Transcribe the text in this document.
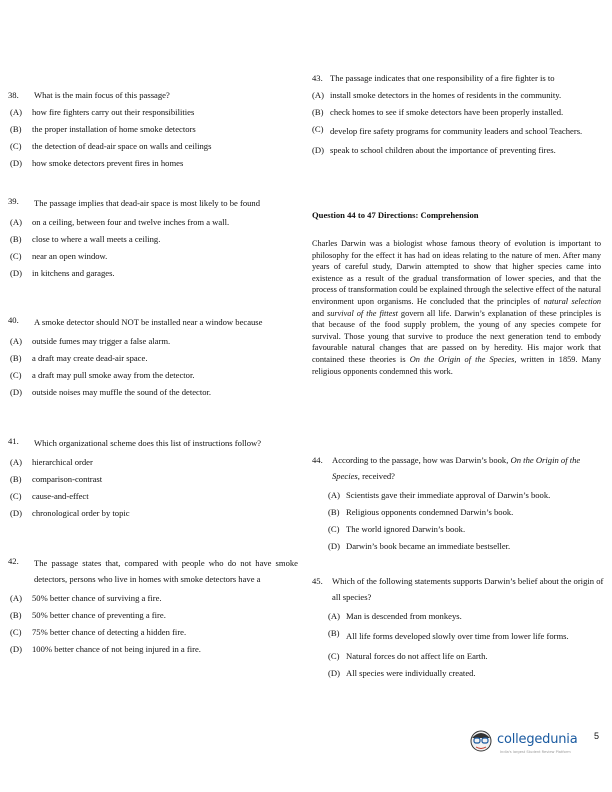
38.	What is the main focus of this passage?
(A)	how fire fighters carry out their responsibilities
(B)	the proper installation of home smoke detectors
(C)	the detection of dead-air space on walls and ceilings
(D)	how smoke detectors prevent fires in homes
39.	The passage implies that dead-air space is most likely to be found
(A)	on a ceiling, between four and twelve inches from a wall.
(B)	close to where a wall meets a ceiling.
(C)	near an open window.
(D)	in kitchens and garages.
40.	A smoke detector should NOT be installed near a window because
(A)	outside fumes may trigger a false alarm.
(B)	a draft may create dead-air space.
(C)	a draft may pull smoke away from the detector.
(D)	outside noises may muffle the sound of the detector.
41.	Which organizational scheme does this list of instructions follow?
(A)	hierarchical order
(B)	comparison-contrast
(C)	cause-and-effect
(D)	chronological order by topic
42.	The passage states that, compared with people who do not have smoke detectors, persons who live in homes with smoke detectors have a
(A)	50% better chance of surviving a fire.
(B)	50% better chance of preventing a fire.
(C)	75% better chance of detecting a hidden fire.
(D)	100% better chance of not being injured in a fire.
43. The passage indicates that one responsibility of a fire fighter is to
(A) install smoke detectors in the homes of residents in the community.
(B) check homes to see if smoke detectors have been properly installed.
(C) develop fire safety programs for community leaders and school Teachers.
(D) speak to school children about the importance of preventing fires.
Question 44 to 47 Directions: Comprehension
Charles Darwin was a biologist whose famous theory of evolution is important to philosophy for the effect it has had on ideas relating to the nature of men. After many years of careful study, Darwin attempted to show that higher species came into existence as a result of the gradual transformation of lower species, and that the process of transformation could be explained through the selective effect of the natural environment upon organisms. He concluded that the principles of natural selection and survival of the fittest govern all life. Darwin’s explanation of these principles is that because of the food supply problem, the young of any species compete for survival. Those young that survive to produce the next generation tend to embody favourable natural changes that are passed on by heredity. His major work that contained these theories is On the Origin of the Species, written in 1859. Many religious opponents condemned this work.
44.	According to the passage, how was Darwin’s book, On the Origin of the Species, received?
(A) Scientists gave their immediate approval of Darwin’s book.
(B) Religious opponents condemned Darwin’s book.
(C) The world ignored Darwin’s book.
(D) Darwin’s book became an immediate bestseller.
45.	Which of the following statements supports Darwin’s belief about the origin of all species?
(A) Man is descended from monkeys.
(B) All life forms developed slowly over time from lower life forms.
(C) Natural forces do not affect life on Earth.
(D) All species were individually created.
collegedunia
India's largest Student Review Platform
5
